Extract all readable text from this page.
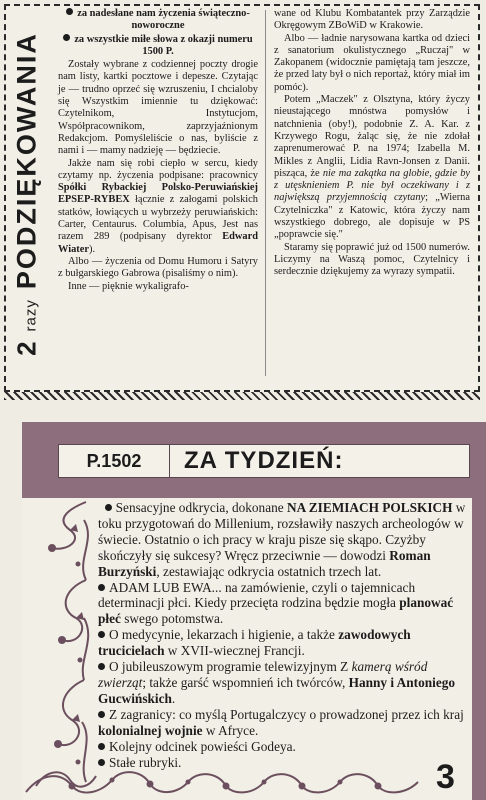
2
razy
PODZIĘKOWANIA

za nadesłane nam życzenia świąteczno-noworoczne

za wszystkie miłe słowa z okazji numeru 1500 P.

Zostały wybrane z codziennej poczty drogie nam listy, kartki pocztowe i depesze. Czytając je — trudno oprzeć się wzruszeniu, I chcialoby się Wszystkim imiennie tu dziękować: Czytelnikom, Instytucjom, Współpracownikom, zaprzyjaźnionym Redakcjom. Pomyśleliście o nas, byliście z nami i — mamy nadzieję — będziecie.

Jakże nam się robi ciepło w sercu, kiedy czytamy np. życzenia podpisane: pracownicy Spółki Rybackiej Polsko-Peruwiańskiej EPSEP-RYBEX łącznie z załogami polskich statków, łowiących u wybrzeży peruwiańskich: Carter, Centaurus. Columbia, Apus, Jest nas razem 289 (podpisany dyrektor Edward Wiater).

Albo — życzenia od Domu Humoru i Satyry z bułgarskiego Gabrowa (pisaliśmy o nim).

Inne — pięknie wykaligrafo-

wane od Klubu Kombatantek przy Zarządzie Okręgowym ZBoWiD w Krakowie.

Albo — ładnie narysowana kartka od dzieci z sanatorium okulistycznego „Ruczaj" w Zakopanem (widocznie pamiętają tam jeszcze, że przed laty był o nich reportaż, który miał im pomóc).

Potem „Maczek" z Olsztyna, który życzy nieustającego mnóstwa pomysłów i natchnienia (oby!), podobnie Z. A. Kar. z Krzywego Rogu, żaląc się, że nie zdołał zaprenumerować P. na 1974; Izabella M. Mikles z Anglii, Lidia Ravn-Jonsen z Danii. pisząca, że nie ma zakątka na globie, gdzie by z utęsknieniem P. nie był oczekiwany i z największą przyjemnością czytany; „Wierna Czytelniczka" z Katowic, która życzy nam wszystkiego dobrego, ale dopisuje w PS „poprawcie się."

Staramy się poprawić już od 1500 numerów. Liczymy na Waszą pomoc, Czytelnicy i serdecznie dziękujemy za wyrazy sympatii.

P.1502	ZA TYDZIEŃ:

Sensacyjne odkrycia, dokonane NA ZIEMIACH POLSKICH w toku przygotowań do Millenium, rozsławiły naszych archeologów w świecie. Ostatnio o ich pracy w kraju pisze się skąpo. Czyżby skończyły się sukcesy? Wręcz przeciwnie — dowodzi Roman Burzyński, zestawiając odkrycia ostatnich trzech lat.

ADAM LUB EWA... na zamówienie, czyli o tajemnicach determinacji płci. Kiedy przecięta rodzina będzie mogła planować płeć swego potomstwa.

O medycynie, lekarzach i higienie, a także zawodowych trucicielach w XVII-wiecznej Francji.

O jubileuszowym programie telewizyjnym Z kamerą wśród zwierząt; także garść wspomnień ich twórców, Hanny i Antoniego Gucwińskich.

Z zagranicy: co myślą Portugalczycy o prowadzonej przez ich kraj kolonialnej wojnie w Afryce.

Kolejny odcinek powieści Godeya.

Stałe rubryki.	3
